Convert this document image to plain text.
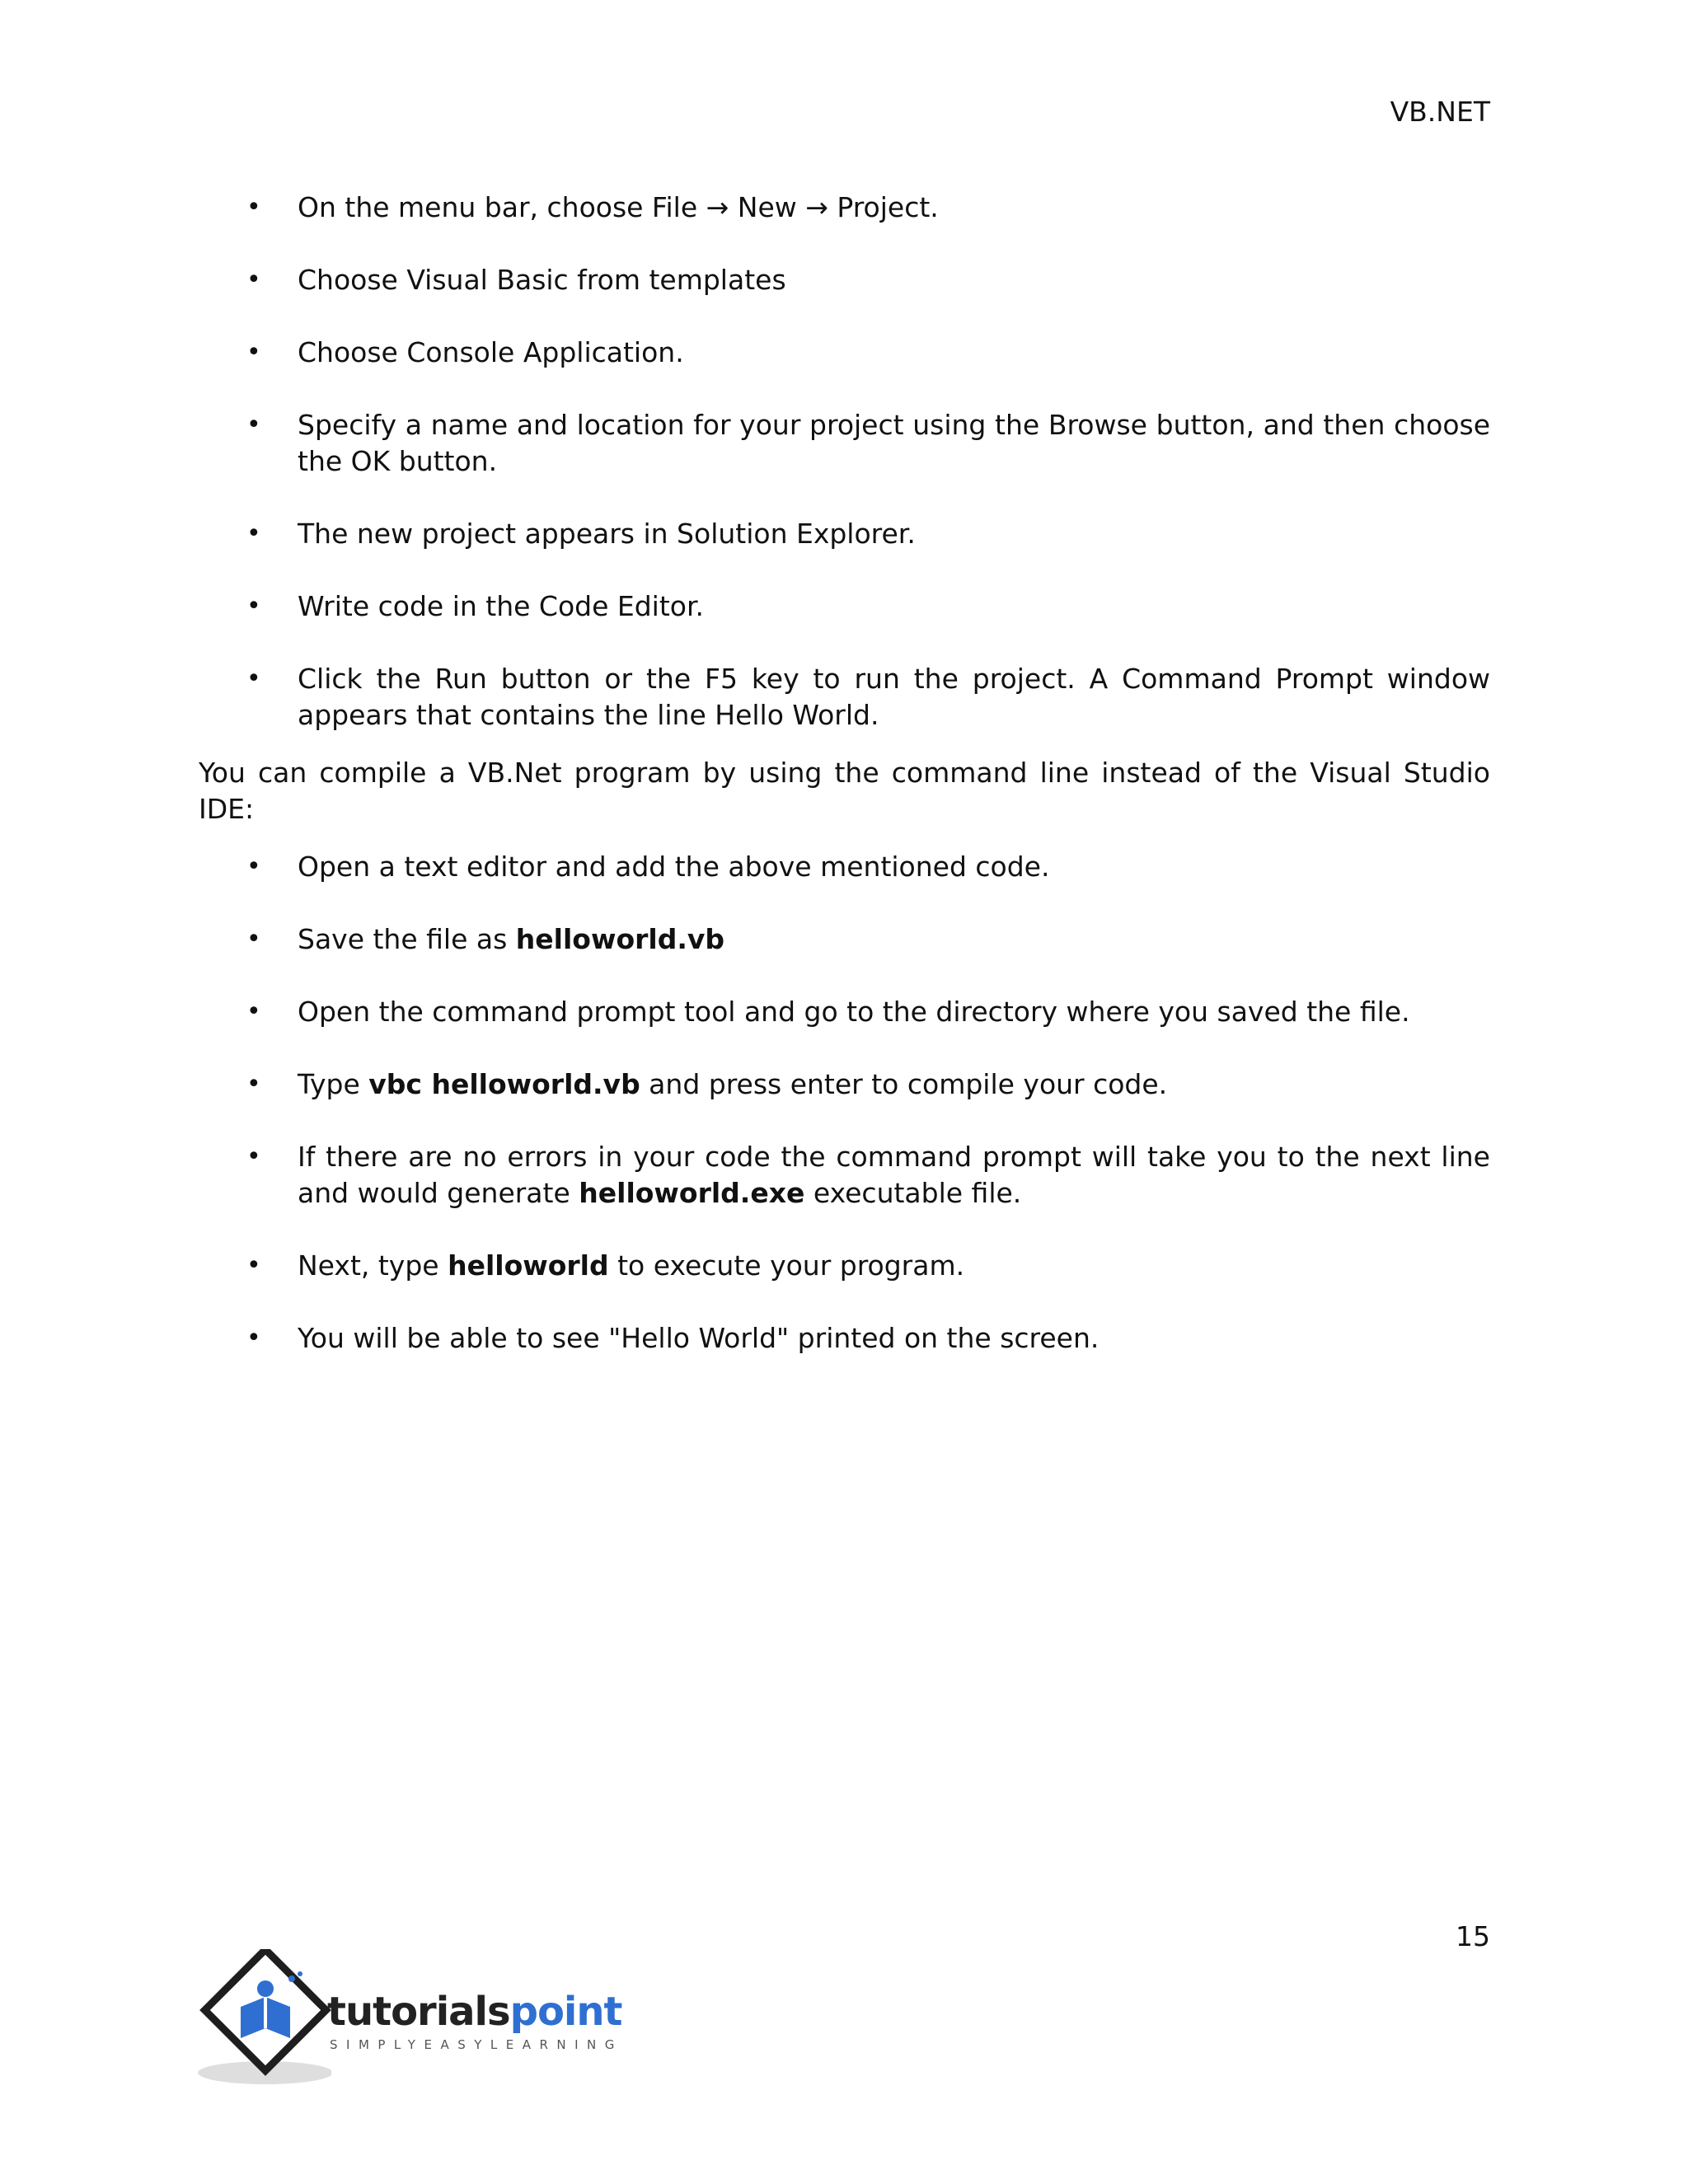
VB.NET
• On the menu bar, choose File → New → Project.
• Choose Visual Basic from templates
• Choose Console Application.
• Specify a name and location for your project using the Browse button, and then choose the OK button.
• The new project appears in Solution Explorer.
• Write code in the Code Editor.
• Click the Run button or the F5 key to run the project. A Command Prompt window appears that contains the line Hello World.

You can compile a VB.Net program by using the command line instead of the Visual Studio IDE:

• Open a text editor and add the above mentioned code.
• Save the file as helloworld.vb
• Open the command prompt tool and go to the directory where you saved the file.
• Type vbc helloworld.vb and press enter to compile your code.
• If there are no errors in your code the command prompt will take you to the next line and would generate helloworld.exe executable file.
• Next, type helloworld to execute your program.
• You will be able to see "Hello World" printed on the screen.
15
tutorialspoint
SIMPLYEASYLEARNING
